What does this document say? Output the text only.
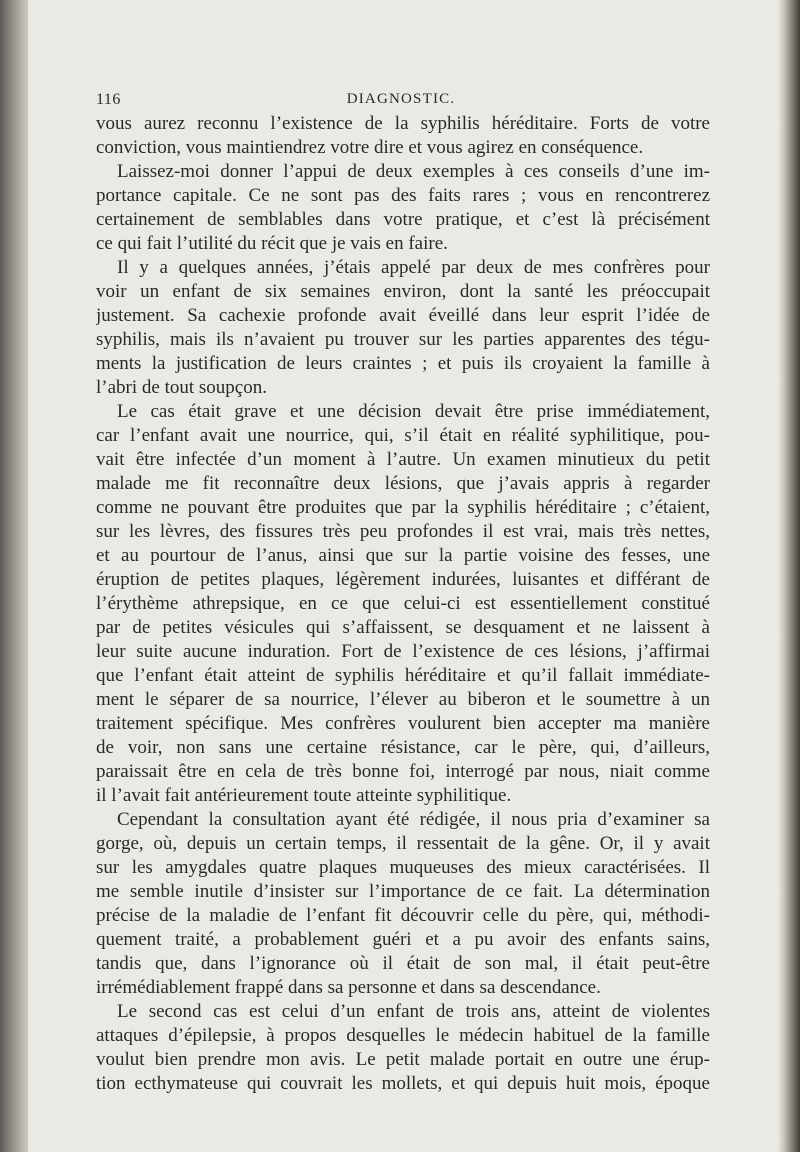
116	DIAGNOSTIC.
vous aurez reconnu l’existence de la syphilis héréditaire. Forts de votre
conviction, vous maintiendrez votre dire et vous agirez en conséquence.
Laissez-moi donner l’appui de deux exemples à ces conseils d’une im-
portance capitale. Ce ne sont pas des faits rares ; vous en rencontrerez
certainement de semblables dans votre pratique, et c’est là précisément
ce qui fait l’utilité du récit que je vais en faire.
Il y a quelques années, j’étais appelé par deux de mes confrères pour
voir un enfant de six semaines environ, dont la santé les préoccupait
justement. Sa cachexie profonde avait éveillé dans leur esprit l’idée de
syphilis, mais ils n’avaient pu trouver sur les parties apparentes des tégu-
ments la justification de leurs craintes ; et puis ils croyaient la famille à
l’abri de tout soupçon.
Le cas était grave et une décision devait être prise immédiatement,
car l’enfant avait une nourrice, qui, s’il était en réalité syphilitique, pou-
vait être infectée d’un moment à l’autre. Un examen minutieux du petit
malade me fit reconnaître deux lésions, que j’avais appris à regarder
comme ne pouvant être produites que par la syphilis héréditaire ; c’étaient,
sur les lèvres, des fissures très peu profondes il est vrai, mais très nettes,
et au pourtour de l’anus, ainsi que sur la partie voisine des fesses, une
éruption de petites plaques, légèrement indurées, luisantes et différant de
l’érythème athrepsique, en ce que celui-ci est essentiellement constitué
par de petites vésicules qui s’affaissent, se desquament et ne laissent à
leur suite aucune induration. Fort de l’existence de ces lésions, j’affirmai
que l’enfant était atteint de syphilis héréditaire et qu’il fallait immédiate-
ment le séparer de sa nourrice, l’élever au biberon et le soumettre à un
traitement spécifique. Mes confrères voulurent bien accepter ma manière
de voir, non sans une certaine résistance, car le père, qui, d’ailleurs,
paraissait être en cela de très bonne foi, interrogé par nous, niait comme
il l’avait fait antérieurement toute atteinte syphilitique.
Cependant la consultation ayant été rédigée, il nous pria d’examiner sa
gorge, où, depuis un certain temps, il ressentait de la gêne. Or, il y avait
sur les amygdales quatre plaques muqueuses des mieux caractérisées. Il
me semble inutile d’insister sur l’importance de ce fait. La détermination
précise de la maladie de l’enfant fit découvrir celle du père, qui, méthodi-
quement traité, a probablement guéri et a pu avoir des enfants sains,
tandis que, dans l’ignorance où il était de son mal, il était peut-être
irrémédiablement frappé dans sa personne et dans sa descendance.
Le second cas est celui d’un enfant de trois ans, atteint de violentes
attaques d’épilepsie, à propos desquelles le médecin habituel de la famille
voulut bien prendre mon avis. Le petit malade portait en outre une érup-
tion ecthymateuse qui couvrait les mollets, et qui depuis huit mois, époque
